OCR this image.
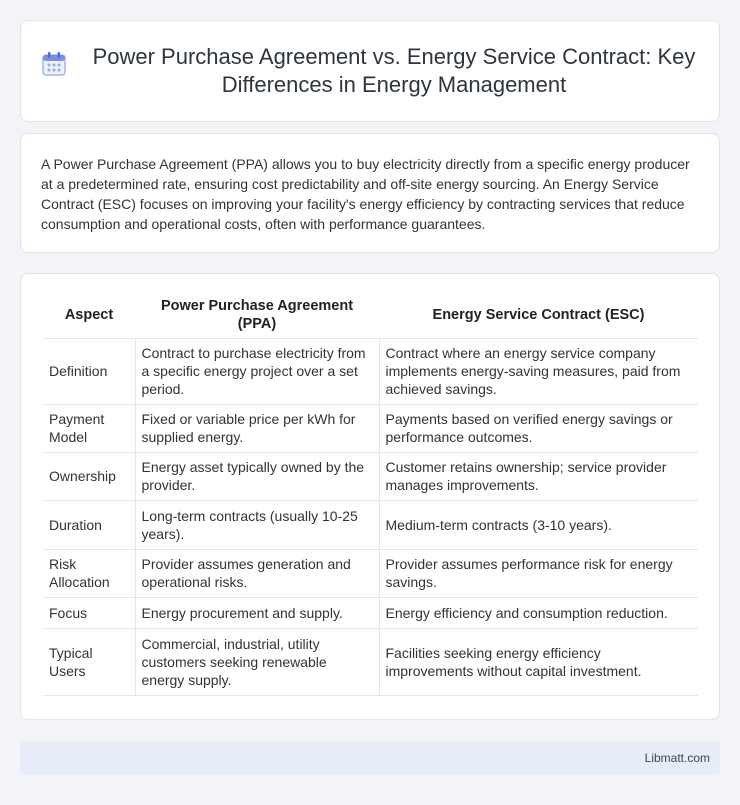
Power Purchase Agreement vs. Energy Service Contract: Key Differences in Energy Management

A Power Purchase Agreement (PPA) allows you to buy electricity directly from a specific energy producer at a predetermined rate, ensuring cost predictability and off-site energy sourcing. An Energy Service Contract (ESC) focuses on improving your facility's energy efficiency by contracting services that reduce consumption and operational costs, often with performance guarantees.

Aspect	Power Purchase Agreement (PPA)	Energy Service Contract (ESC)
Definition	Contract to purchase electricity from a specific energy project over a set period.	Contract where an energy service company implements energy-saving measures, paid from achieved savings.
Payment Model	Fixed or variable price per kWh for supplied energy.	Payments based on verified energy savings or performance outcomes.
Ownership	Energy asset typically owned by the provider.	Customer retains ownership; service provider manages improvements.
Duration	Long-term contracts (usually 10-25 years).	Medium-term contracts (3-10 years).
Risk Allocation	Provider assumes generation and operational risks.	Provider assumes performance risk for energy savings.
Focus	Energy procurement and supply.	Energy efficiency and consumption reduction.
Typical Users	Commercial, industrial, utility customers seeking renewable energy supply.	Facilities seeking energy efficiency improvements without capital investment.
Libmatt.com
